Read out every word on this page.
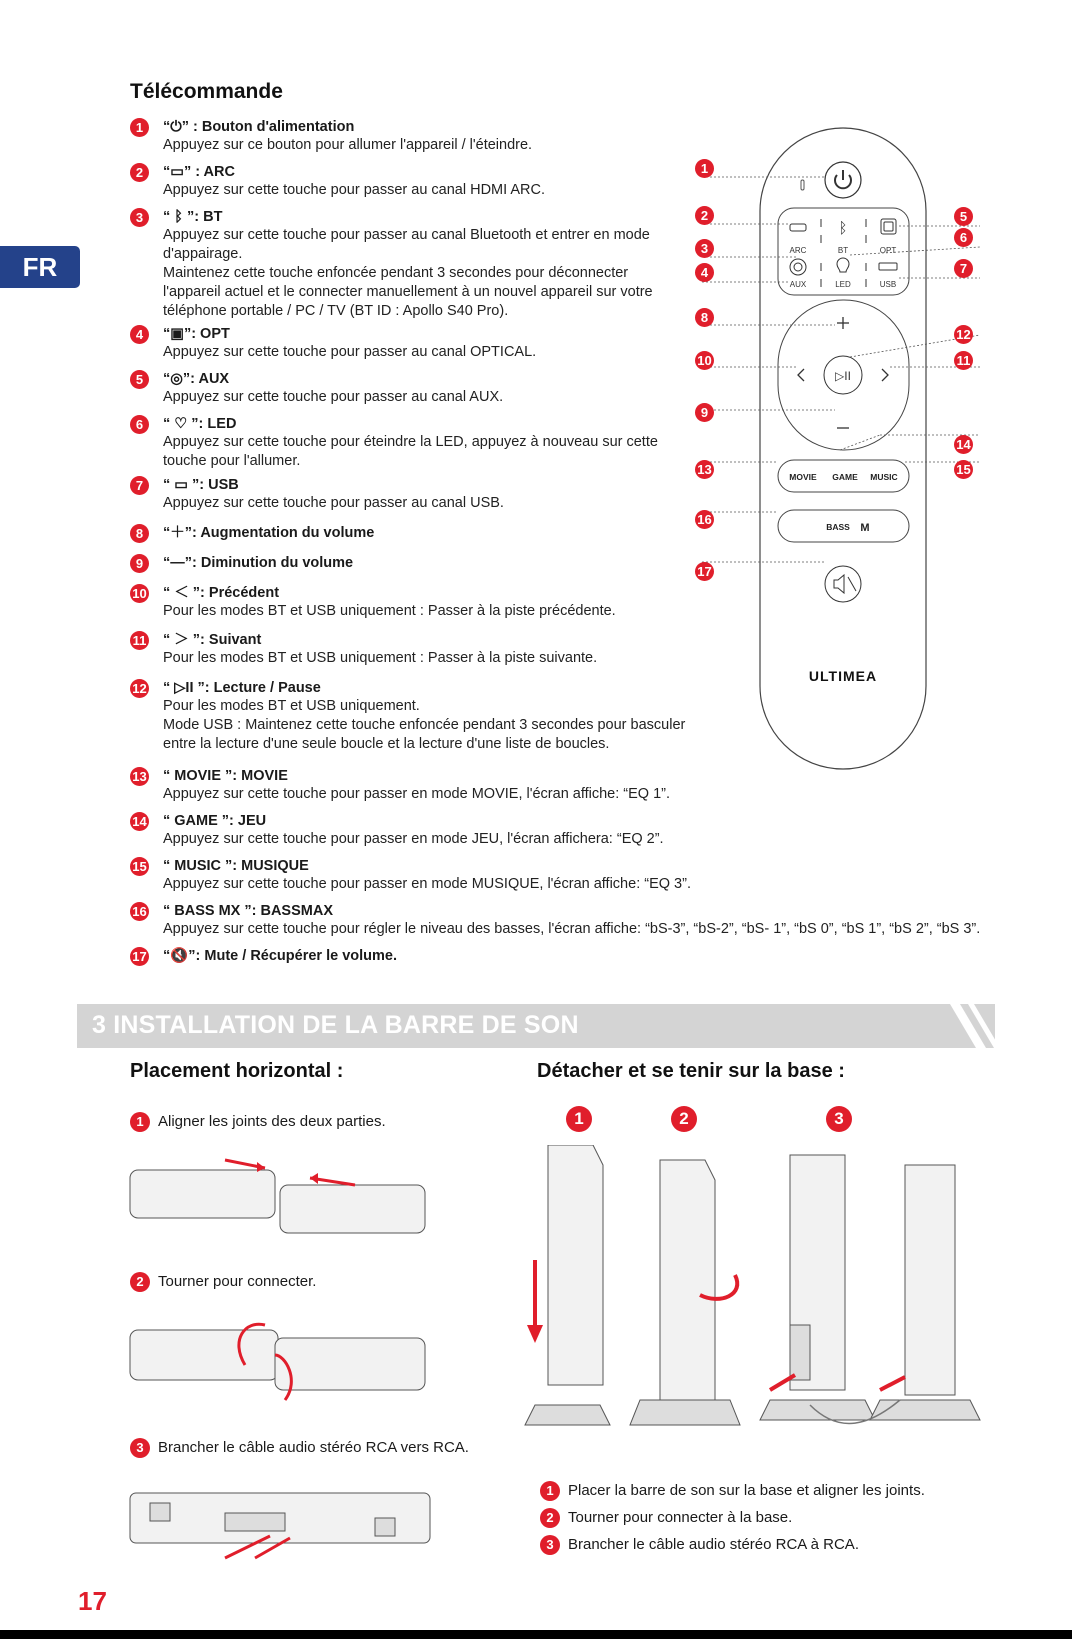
FR
Télécommande
1	“⏻” : Bouton d'alimentation
Appuyez sur ce bouton pour allumer l'appareil / l'éteindre.
2	“▭” : ARC
Appuyez sur cette touche pour passer au canal HDMI ARC.
3	“ ᛒ ”: BT
Appuyez sur cette touche pour passer au canal Bluetooth et entrer en mode
d'appairage.
Maintenez cette touche enfoncée pendant 3 secondes pour déconnecter
l'appareil actuel et le connecter manuellement à un nouvel appareil sur votre
téléphone portable / PC / TV (BT ID : Apollo S40 Pro).
4	“▣”: OPT
Appuyez sur cette touche pour passer au canal OPTICAL.
5	“◎”: AUX
Appuyez sur cette touche pour passer au canal AUX.
6	“ ♡ ”: LED
Appuyez sur cette touche pour éteindre la LED, appuyez à nouveau sur cette
touche pour l'allumer.
7	“ ▭ ”: USB
Appuyez sur cette touche pour passer au canal USB.
8	“＋”: Augmentation du volume
9	“—”: Diminution du volume
10 “ ＜ ”: Précédent
Pour les modes BT et USB uniquement : Passer à la piste précédente.
11 “ ＞ ”: Suivant
Pour les modes BT et USB uniquement : Passer à la piste suivante.
12 “ ▷II ”: Lecture / Pause
Pour les modes BT et USB uniquement.
Mode USB : Maintenez cette touche enfoncée pendant 3 secondes pour basculer
entre la lecture d'une seule boucle et la lecture d'une liste de boucles.
13 “ MOVIE ”: MOVIE
Appuyez sur cette touche pour passer en mode MOVIE, l'écran affiche: “EQ 1”.
14 “ GAME ”: JEU
Appuyez sur cette touche pour passer en mode JEU, l'écran affichera: “EQ 2”.
15 “ MUSIC ”: MUSIQUE
Appuyez sur cette touche pour passer en mode MUSIQUE, l'écran affiche: “EQ 3”.
16 “ BASS MX ”: BASSMAX
Appuyez sur cette touche pour régler le niveau des basses, l'écran affiche: “bS-3”, “bS-2”, “bS- 1”, “bS 0”, “bS 1”, “bS 2”, “bS 3”.
17 “🔇”: Mute / Récupérer le volume.
ARC
ᛒ
BT	OPT
AUX	LED	USB
▷II
MOVIE GAME MUSIC
BASS M
ULTIMEA
1
2
3
4
5
6
7
8
9
10	11
12
13
14
15
16
17
3 INSTALLATION DE LA BARRE DE SON
Placement horizontal :
1 Aligner les joints des deux parties.
2 Tourner pour connecter.
3 Brancher le câble audio stéréo RCA vers RCA.
Détacher et se tenir sur la base :
1	2	3
1 Placer la barre de son sur la base et aligner les joints.
2 Tourner pour connecter à la base.
3 Brancher le câble audio stéréo RCA à RCA.
17
